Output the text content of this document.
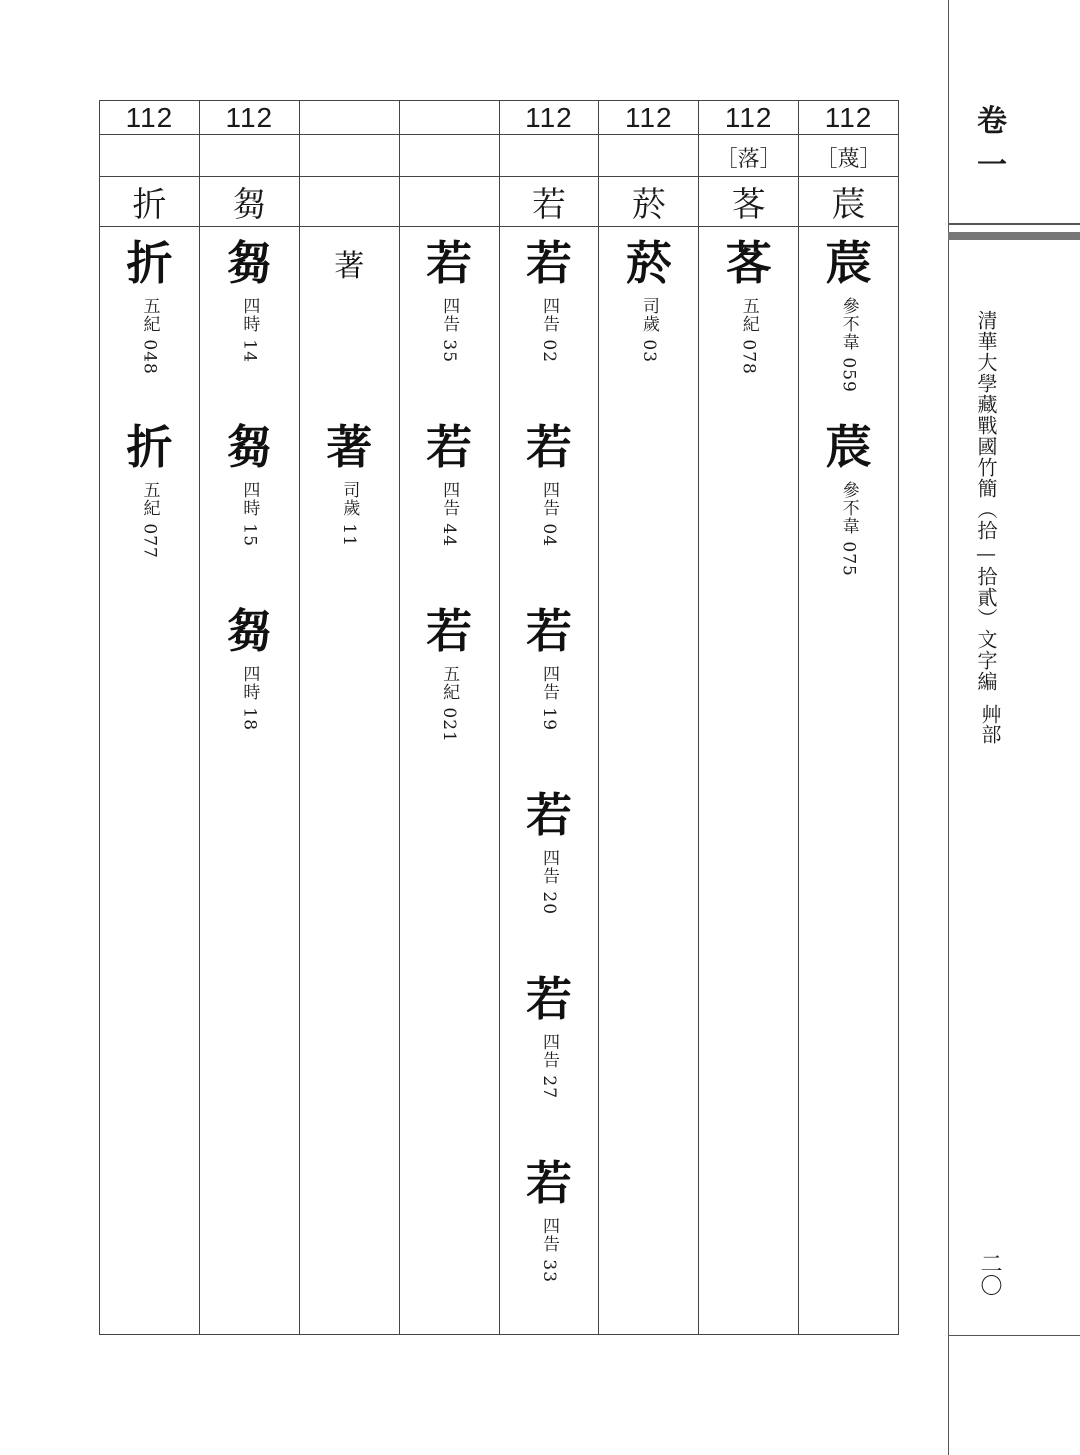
112
折
折
五紀 048
折
五紀 077
112
芻
芻
四時 14
芻
四時 15
芻
四時 18
著
著
司歲 11
若
四告 35
若
四告 44
若
五紀 021
112
若
若
四告 02
若
四告 04
若
四告 19
若
四告 20
若
四告 27
若
四告 33
112
菸
菸
司歲 03
112
［落］
茖
茖
五紀 078
112
［蔑］
莀
莀
參不韋 059
莀
參不韋 075
卷一
清華大學藏戰國竹簡（拾—拾貳）文字編
艸部
二〇
